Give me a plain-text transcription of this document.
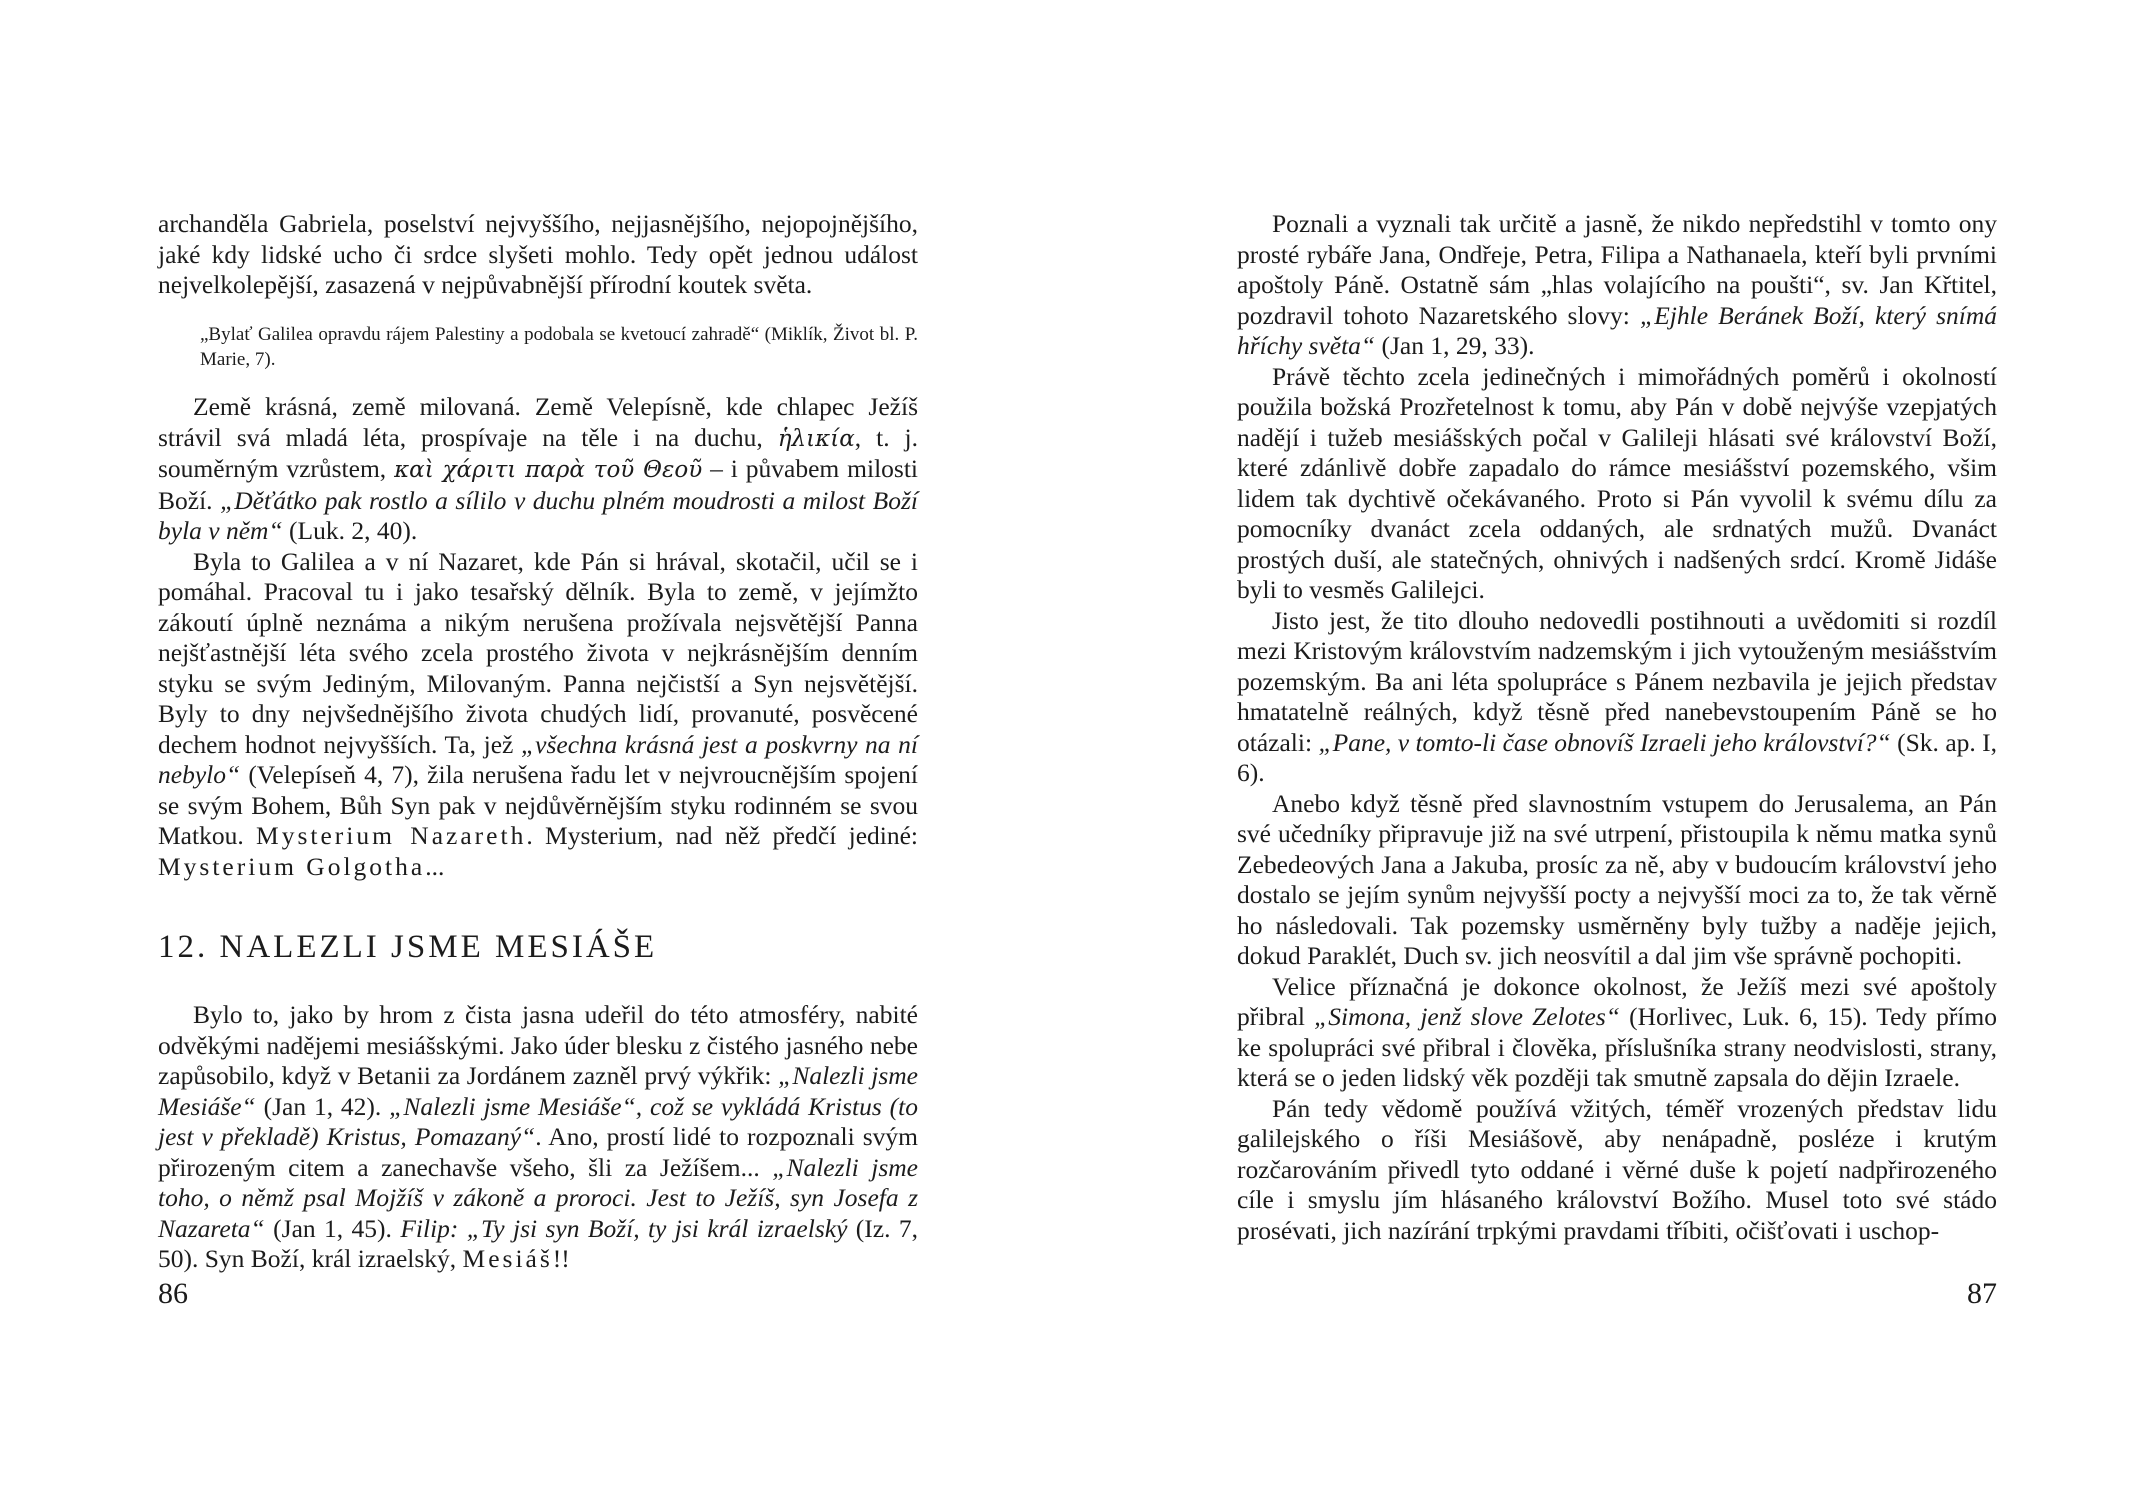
archanděla Gabriela, poselství nejvyššího, nejjasnějšího, nejopojnějšího, jaké kdy lidské ucho či srdce slyšeti mohlo. Tedy opět jednou událost nejvelkolepější, zasazená v nejpůvabnější přírodní koutek světa.

„Bylať Galilea opravdu rájem Palestiny a podobala se kvetoucí zahradě“ (Miklík, Život bl. P. Marie, 7).

Země krásná, země milovaná. Země Velepísně, kde chlapec Ježíš strávil svá mladá léta, prospívaje na těle i na duchu, ἡλικία, t. j. souměrným vzrůstem, καὶ χάριτι παρὰ τοῦ Θεοῦ – i půvabem milosti Boží. „Děťátko pak rostlo a sílilo v duchu plném moudrosti a milost Boží byla v něm“ (Luk. 2, 40).

Byla to Galilea a v ní Nazaret, kde Pán si hrával, skotačil, učil se i pomáhal. Pracoval tu i jako tesařský dělník. Byla to země, v jejímžto zákoutí úplně neznáma a nikým nerušena prožívala nejsvětější Panna nejšťastnější léta svého zcela prostého života v nejkrásnějším denním styku se svým Jediným, Milovaným. Panna nejčistší a Syn nejsvětější. Byly to dny nejvšednějšího života chudých lidí, provanuté, posvěcené dechem hodnot nejvyšších. Ta, jež „všechna krásná jest a poskvrny na ní nebylo“ (Velepíseň 4, 7), žila nerušena řadu let v nejvroucnějším spojení se svým Bohem, Bůh Syn pak v nejdůvěrnějším styku rodinném se svou Matkou. Mysterium Nazareth. Mysterium, nad něž předčí jediné: Mysterium Golgotha...

12. NALEZLI JSME MESIÁŠE

Bylo to, jako by hrom z čista jasna udeřil do této atmosféry, nabité odvěkými nadějemi mesiášskými. Jako úder blesku z čistého jasného nebe zapůsobilo, když v Betanii za Jordánem zazněl prvý výkřik: „Nalezli jsme Mesiáše“ (Jan 1, 42). „Nalezli jsme Mesiáše“, což se vykládá Kristus (to jest v překladě) Kristus, Pomazaný“. Ano, prostí lidé to rozpoznali svým přirozeným citem a zanechavše všeho, šli za Ježíšem... „Nalezli jsme toho, o němž psal Mojžíš v zákoně a proroci. Jest to Ježíš, syn Josefa z Nazareta“ (Jan 1, 45). Filip: „Ty jsi syn Boží, ty jsi král izraelský (Iz. 7, 50). Syn Boží, král izraelský, Mesiáš!!

86

Poznali a vyznali tak určitě a jasně, že nikdo nepředstihl v tomto ony prosté rybáře Jana, Ondřeje, Petra, Filipa a Nathanaela, kteří byli prvními apoštoly Páně. Ostatně sám „hlas volajícího na poušti“, sv. Jan Křtitel, pozdravil tohoto Nazaretského slovy: „Ejhle Beránek Boží, který snímá hříchy světa“ (Jan 1, 29, 33).

Právě těchto zcela jedinečných i mimořádných poměrů i okolností použila božská Prozřetelnost k tomu, aby Pán v době nejvýše vzepjatých nadějí i tužeb mesiášských počal v Galileji hlásati své království Boží, které zdánlivě dobře zapadalo do rámce mesiášství pozemského, všim lidem tak dychtivě očekávaného. Proto si Pán vyvolil k svému dílu za pomocníky dvanáct zcela oddaných, ale srdnatých mužů. Dvanáct prostých duší, ale statečných, ohnivých i nadšených srdcí. Kromě Jidáše byli to vesměs Galilejci.

Jisto jest, že tito dlouho nedovedli postihnouti a uvědomiti si rozdíl mezi Kristovým královstvím nadzemským i jich vytouženým mesiášstvím pozemským. Ba ani léta spolupráce s Pánem nezbavila je jejich představ hmatatelně reálných, když těsně před nanebevstoupením Páně se ho otázali: „Pane, v tomto-li čase obnovíš Izraeli jeho království?“ (Sk. ap. I, 6).

Anebo když těsně před slavnostním vstupem do Jerusalema, an Pán své učedníky připravuje již na své utrpení, přistoupila k němu matka synů Zebedeových Jana a Jakuba, prosíc za ně, aby v budoucím království jeho dostalo se jejím synům nejvyšší pocty a nejvyšší moci za to, že tak věrně ho následovali. Tak pozemsky usměrněny byly tužby a naděje jejich, dokud Paraklét, Duch sv. jich neosvítil a dal jim vše správně pochopiti.

Velice příznačná je dokonce okolnost, že Ježíš mezi své apoštoly přibral „Simona, jenž slove Zelotes“ (Horlivec, Luk. 6, 15). Tedy přímo ke spolupráci své přibral i člověka, příslušníka strany neodvislosti, strany, která se o jeden lidský věk později tak smutně zapsala do dějin Izraele.

Pán tedy vědomě používá vžitých, téměř vrozených představ lidu galilejského o říši Mesiášově, aby nenápadně, posléze i krutým rozčarováním přivedl tyto oddané i věrné duše k pojetí nadpřirozeného cíle i smyslu jím hlásaného království Božího. Musel toto své stádo prosévati, jich nazírání trpkými pravdami tříbiti, očišťovati i uschop-

87
